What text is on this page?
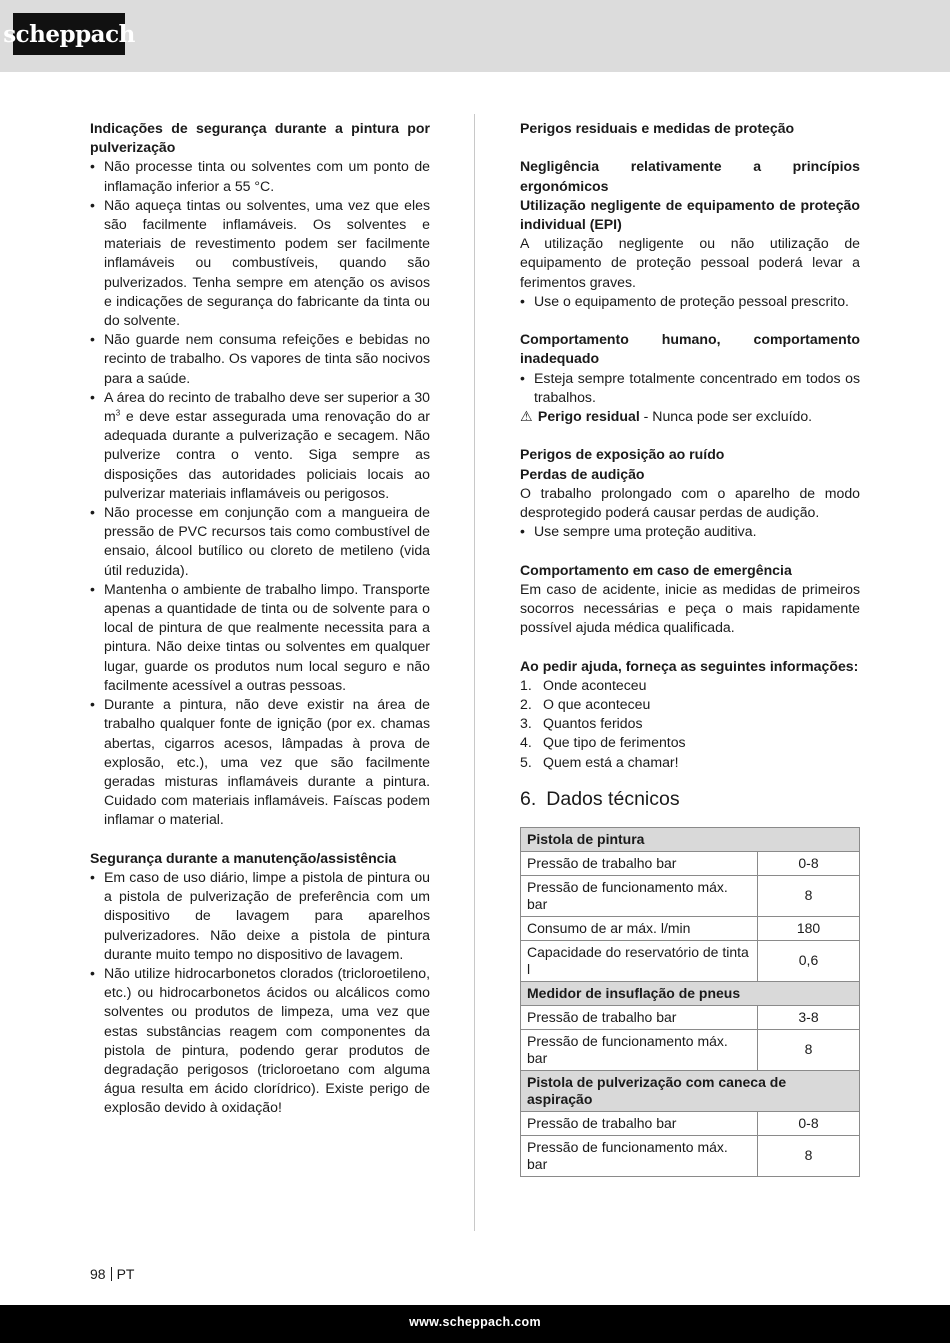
scheppach
Indicações de segurança durante a pintura por pulverização
• Não processe tinta ou solventes com um ponto de inflamação inferior a 55 °C.
• Não aqueça tintas ou solventes, uma vez que eles são facilmente inflamáveis. Os solventes e materiais de revestimento podem ser facilmente inflamáveis ou combustíveis, quando são pulverizados. Tenha sempre em atenção os avisos e indicações de segurança do fabricante da tinta ou do solvente.
• Não guarde nem consuma refeições e bebidas no recinto de trabalho. Os vapores de tinta são nocivos para a saúde.
• A área do recinto de trabalho deve ser superior a 30 $m^3$ e deve estar assegurada uma renovação do ar adequada durante a pulverização e secagem. Não pulverize contra o vento. Siga sempre as disposições das autoridades policiais locais ao pulverizar materiais inflamáveis ou perigosos.
• Não processe em conjunção com a mangueira de pressão de PVC recursos tais como combustível de ensaio, álcool butílico ou cloreto de metileno (vida útil reduzida).
• Mantenha o ambiente de trabalho limpo. Transporte apenas a quantidade de tinta ou de solvente para o local de pintura de que realmente necessita para a pintura. Não deixe tintas ou solventes em qualquer lugar, guarde os produtos num local seguro e não facilmente acessível a outras pessoas.
• Durante a pintura, não deve existir na área de trabalho qualquer fonte de ignição (por ex. chamas abertas, cigarros acesos, lâmpadas à prova de explosão, etc.), uma vez que são facilmente geradas misturas inflamáveis durante a pintura. Cuidado com materiais inflamáveis. Faíscas podem inflamar o material.
Segurança durante a manutenção/assistência
• Em caso de uso diário, limpe a pistola de pintura ou a pistola de pulverização de preferência com um dispositivo de lavagem para aparelhos pulverizadores. Não deixe a pistola de pintura durante muito tempo no dispositivo de lavagem.
• Não utilize hidrocarbonetos clorados (tricloroetileno, etc.) ou hidrocarbonetos ácidos ou alcálicos como solventes ou produtos de limpeza, uma vez que estas substâncias reagem com componentes da pistola de pintura, podendo gerar produtos de degradação perigosos (tricloroetano com alguma água resulta em ácido clorídrico). Existe perigo de explosão devido à oxidação!
Perigos residuais e medidas de proteção
Negligência relativamente a princípios ergonómicos
Utilização negligente de equipamento de proteção individual (EPI)
A utilização negligente ou não utilização de equipamento de proteção pessoal poderá levar a ferimentos graves.
• Use o equipamento de proteção pessoal prescrito.
Comportamento humano, comportamento inadequado
• Esteja sempre totalmente concentrado em todos os trabalhos.
⚠ Perigo residual - Nunca pode ser excluído.
Perigos de exposição ao ruído
Perdas de audição
O trabalho prolongado com o aparelho de modo desprotegido poderá causar perdas de audição.
• Use sempre uma proteção auditiva.
Comportamento em caso de emergência
Em caso de acidente, inicie as medidas de primeiros socorros necessárias e peça o mais rapidamente possível ajuda médica qualificada.
Ao pedir ajuda, forneça as seguintes informações:
1. Onde aconteceu
2. O que aconteceu
3. Quantos feridos
4. Que tipo de ferimentos
5. Quem está a chamar!
6. Dados técnicos
Pistola de pintura	
Pressão de trabalho bar	0-8
Pressão de funcionamento máx. bar	8
Consumo de ar máx. l/min	180
Capacidade do reservatório de tinta l	0,6
Medidor de insuflação de pneus	
Pressão de trabalho bar	3-8
Pressão de funcionamento máx. bar	8
Pistola de pulverização com caneca de aspiração	
Pressão de trabalho bar	0-8
Pressão de funcionamento máx. bar	8
98 PT
www.scheppach.com
